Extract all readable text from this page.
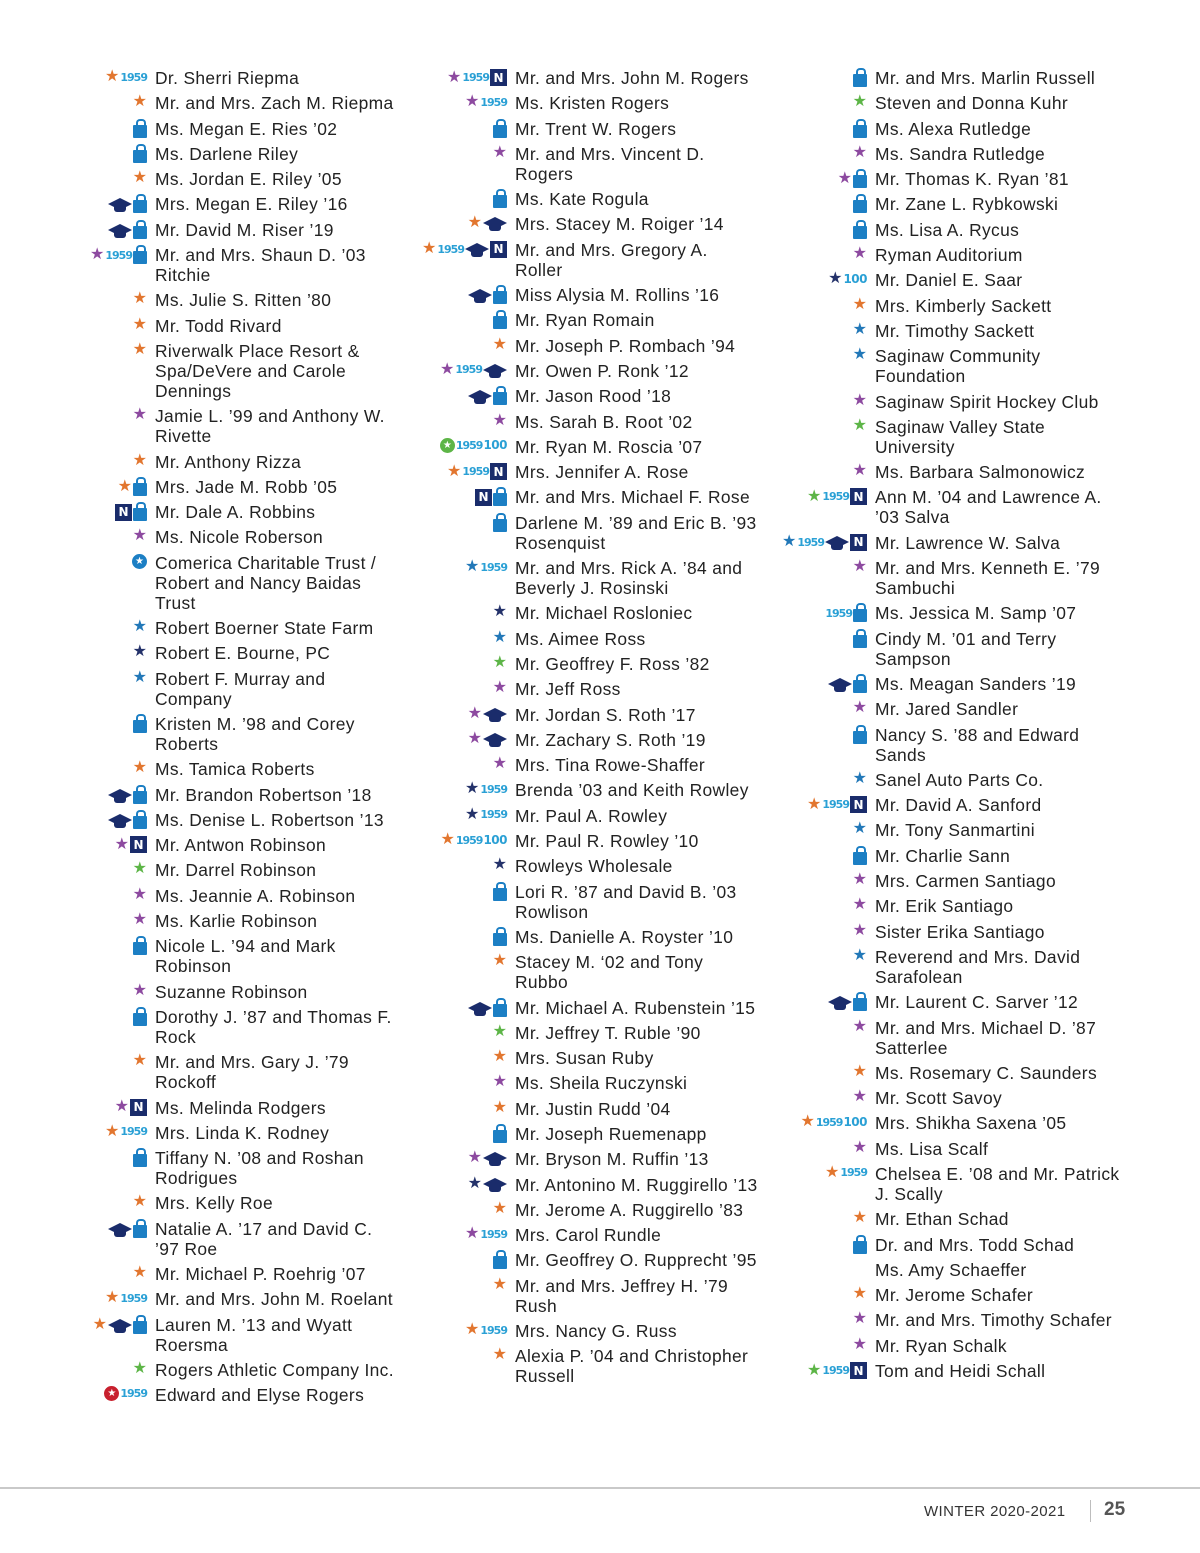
★ 1959 Dr. Sherri Riepma
★ Mr. and Mrs. Zach M. Riepma
Ms. Megan E. Ries ’02
Ms. Darlene Riley
★ Ms. Jordan E. Riley ’05
Mrs. Megan E. Riley ’16
Mr. David M. Riser ’19
★ 1959 Mr. and Mrs. Shaun D. ’03 Ritchie
★ Ms. Julie S. Ritten ’80
★ Mr. Todd Rivard
★ Riverwalk Place Resort & Spa/DeVere and Carole Dennings
★ Jamie L. ’99 and Anthony W. Rivette
★ Mr. Anthony Rizza
★ Mrs. Jade M. Robb ’05
N Mr. Dale A. Robbins
★ Ms. Nicole Roberson
★ Comerica Charitable Trust / Robert and Nancy Baidas Trust
★ Robert Boerner State Farm
★ Robert E. Bourne, PC
★ Robert F. Murray and Company
Kristen M. ’98 and Corey Roberts
★ Ms. Tamica Roberts
Mr. Brandon Robertson ’18
Ms. Denise L. Robertson ’13
★ N Mr. Antwon Robinson
★ Mr. Darrel Robinson
★ Ms. Jeannie A. Robinson
★ Ms. Karlie Robinson
Nicole L. ’94 and Mark Robinson
★ Suzanne Robinson
Dorothy J. ’87 and Thomas F. Rock
★ Mr. and Mrs. Gary J. ’79 Rockoff
★ N Ms. Melinda Rodgers
★ 1959 Mrs. Linda K. Rodney
Tiffany N. ’08 and Roshan Rodrigues
★ Mrs. Kelly Roe
Natalie A. ’17 and David C. ’97 Roe
★ Mr. Michael P. Roehrig ’07
★ 1959 Mr. and Mrs. John M. Roelant
★	Lauren M. ’13 and Wyatt Roersma
★ Rogers Athletic Company Inc.
★ 1959 Edward and Elyse Rogers
★ 1959 N Mr. and Mrs. John M. Rogers
★ 1959 Ms. Kristen Rogers
Mr. Trent W. Rogers
★ Mr. and Mrs. Vincent D. Rogers
Ms. Kate Rogula
★ Mrs. Stacey M. Roiger ’14
★ 1959 N Mr. and Mrs. Gregory A. Roller
Miss Alysia M. Rollins ’16
Mr. Ryan Romain
★ Mr. Joseph P. Rombach ’94
★ 1959 Mr. Owen P. Ronk ’12
Mr. Jason Rood ’18
★ Ms. Sarah B. Root ’02
★ 1959 100 Mr. Ryan M. Roscia ’07
★ 1959 N Mrs. Jennifer A. Rose
N Mr. and Mrs. Michael F. Rose
Darlene M. ’89 and Eric B. ’93 Rosenquist
★ 1959 Mr. and Mrs. Rick A. ’84 and Beverly J. Rosinski
★ Mr. Michael Rosloniec
★ Ms. Aimee Ross
★ Mr. Geoffrey F. Ross ’82
★ Mr. Jeff Ross
★ Mr. Jordan S. Roth ’17
★ Mr. Zachary S. Roth ’19
★ Mrs. Tina Rowe-Shaffer
★ 1959 Brenda ’03 and Keith Rowley
★ 1959 Mr. Paul A. Rowley
★ 1959 100 Mr. Paul R. Rowley ’10
★ Rowleys Wholesale
Lori R. ’87 and David B. ’03 Rowlison
Ms. Danielle A. Royster ’10
★ Stacey M. ‘02 and Tony Rubbo
Mr. Michael A. Rubenstein ’15
★ Mr. Jeffrey T. Ruble ’90
★ Mrs. Susan Ruby
★ Ms. Sheila Ruczynski
★ Mr. Justin Rudd ’04
Mr. Joseph Ruemenapp
★ Mr. Bryson M. Ruffin ’13
★ Mr. Antonino M. Ruggirello ’13
★ Mr. Jerome A. Ruggirello ’83
★ 1959 Mrs. Carol Rundle
Mr. Geoffrey O. Rupprecht ’95
★ Mr. and Mrs. Jeffrey H. ’79 Rush
★ 1959 Mrs. Nancy G. Russ
★ Alexia P. ’04 and Christopher Russell
Mr. and Mrs. Marlin Russell
★ Steven and Donna Kuhr
Ms. Alexa Rutledge
★ Ms. Sandra Rutledge
★ Mr. Thomas K. Ryan ’81
Mr. Zane L. Rybkowski
Ms. Lisa A. Rycus
★ Ryman Auditorium
★ 100 Mr. Daniel E. Saar
★ Mrs. Kimberly Sackett
★ Mr. Timothy Sackett
★ Saginaw Community Foundation
★ Saginaw Spirit Hockey Club
★ Saginaw Valley State University
★ Ms. Barbara Salmonowicz
★ 1959 N Ann M. ’04 and Lawrence A. ’03 Salva
★ 1959 N Mr. Lawrence W. Salva
★ Mr. and Mrs. Kenneth E. ’79 Sambuchi
1959 Ms. Jessica M. Samp ’07
Cindy M. ’01 and Terry Sampson
Ms. Meagan Sanders ’19
★ Mr. Jared Sandler
Nancy S. ’88 and Edward Sands
★ Sanel Auto Parts Co.
★ 1959 N Mr. David A. Sanford
★ Mr. Tony Sanmartini
Mr. Charlie Sann
★ Mrs. Carmen Santiago
★ Mr. Erik Santiago
★ Sister Erika Santiago
★ Reverend and Mrs. David Sarafolean
Mr. Laurent C. Sarver ’12
★ Mr. and Mrs. Michael D. ’87 Satterlee
★ Ms. Rosemary C. Saunders
★ Mr. Scott Savoy
★ 1959 100 Mrs. Shikha Saxena ’05
★ Ms. Lisa Scalf
★ 1959 Chelsea E. ’08 and Mr. Patrick J. Scally
★ Mr. Ethan Schad
Dr. and Mrs. Todd Schad
Ms. Amy Schaeffer
★ Mr. Jerome Schafer
★ Mr. and Mrs. Timothy Schafer
★ Mr. Ryan Schalk
★ 1959 N Tom and Heidi Schall
WINTER 2020-2021 25
